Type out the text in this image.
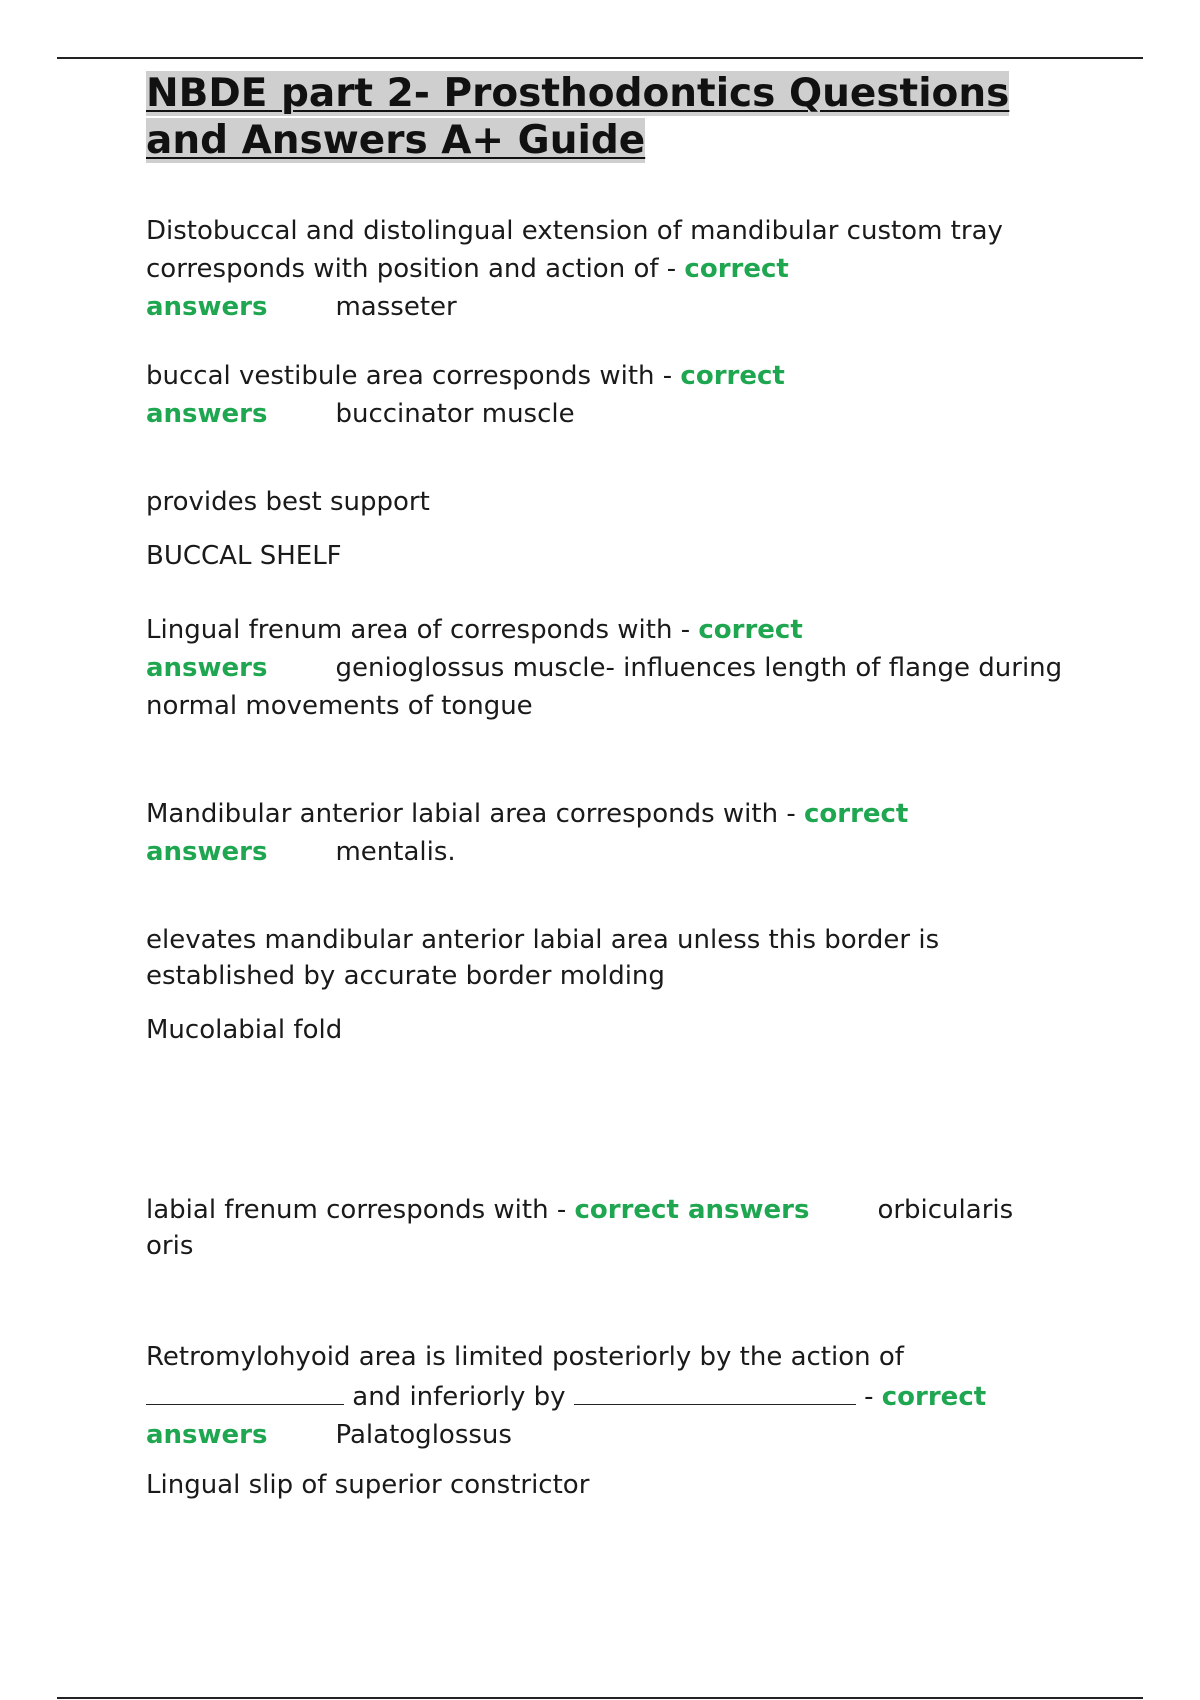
NBDE part 2- Prosthodontics Questions
and Answers A+ Guide

Distobuccal and distolingual extension of mandibular custom tray corresponds with position and action of - correct
answers	masseter

buccal vestibule area corresponds with - correct
answers	buccinator muscle

provides best support

BUCCAL SHELF

Lingual frenum area of corresponds with - correct
answers	genioglossus muscle- influences length of flange during normal movements of tongue

Mandibular anterior labial area corresponds with - correct
answers	mentalis.

elevates mandibular anterior labial area unless this border is established by accurate border molding

Mucolabial fold

labial frenum corresponds with - correct answers	orbicularis
oris

Retromylohyoid area is limited posteriorly by the action of
and inferiorly by	- correct
answers	Palatoglossus

Lingual slip of superior constrictor
